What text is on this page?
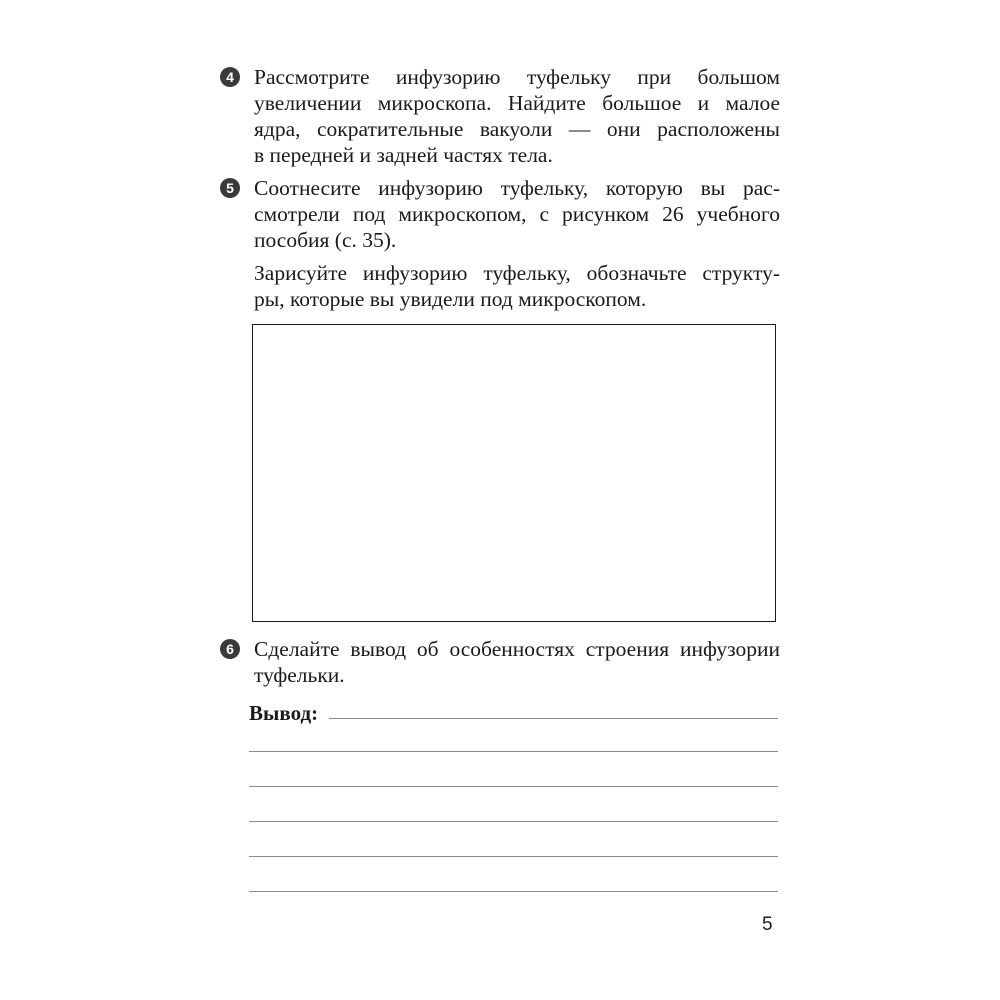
4 Рассмотрите инфузорию туфельку при большом
увеличении микроскопа. Найдите большое и малое
ядра, сократительные вакуоли — они расположены
в передней и задней частях тела.
5 Соотнесите инфузорию туфельку, которую вы рас-
смотрели под микроскопом, с рисунком 26 учебного
пособия (с. 35).
Зарисуйте инфузорию туфельку, обозначьте структу-
ры, которые вы увидели под микроскопом.
6 Сделайте вывод об особенностях строения инфузории
туфельки.
Вывод:
5
